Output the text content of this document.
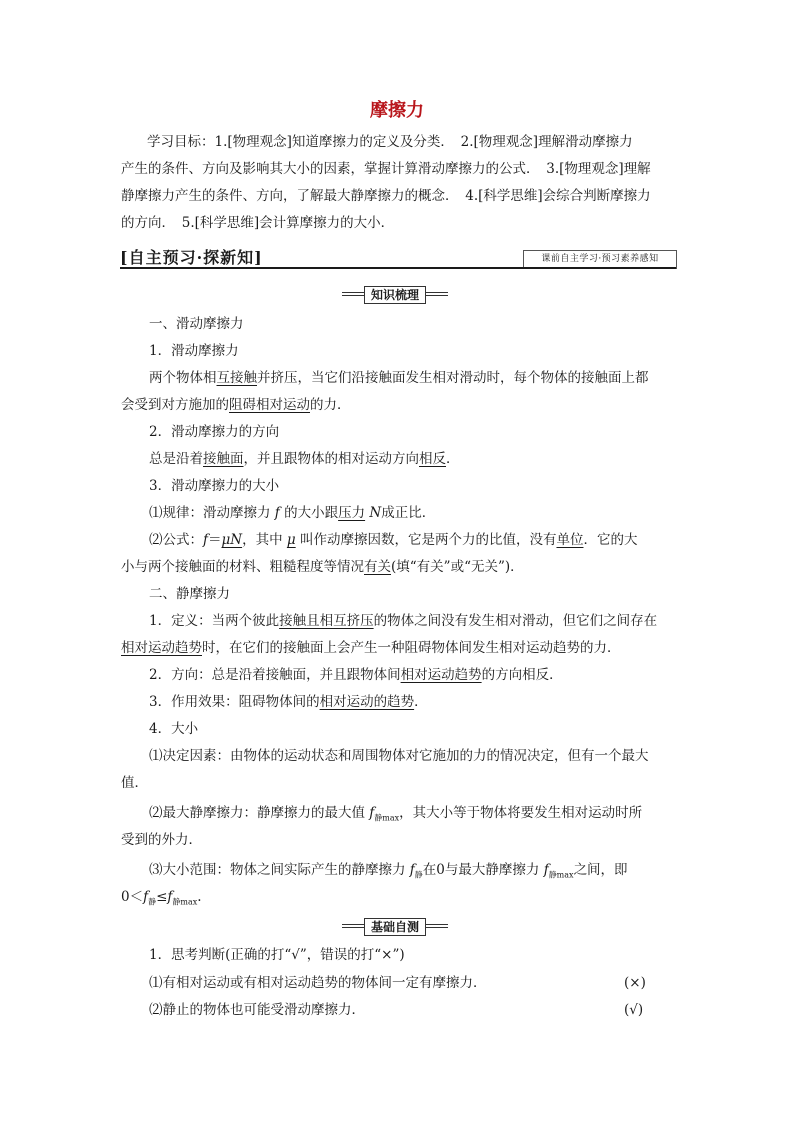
摩擦力
学习目标：1.[物理观念]知道摩擦力的定义及分类．　2.[物理观念]理解滑动摩擦力
产生的条件、方向及影响其大小的因素，掌握计算滑动摩擦力的公式．　3.[物理观念]理解
静摩擦力产生的条件、方向，了解最大静摩擦力的概念．　4.[科学思维]会综合判断摩擦力
的方向．　5.[科学思维]会计算摩擦力的大小．
[自主预习·探新知]	课前自主学习·预习素养感知
知识梳理
一、滑动摩擦力
1．滑动摩擦力
两个物体相互接触并挤压，当它们沿接触面发生相对滑动时，每个物体的接触面上都
会受到对方施加的阻碍相对运动的力．
2．滑动摩擦力的方向
总是沿着接触面，并且跟物体的相对运动方向相反．
3．滑动摩擦力的大小
⑴规律：滑动摩擦力 f 的大小跟压力 N成正比．
⑵公式：f＝μN，其中 μ 叫作动摩擦因数，它是两个力的比值，没有单位．它的大
小与两个接触面的材料、粗糙程度等情况有关(填“有关”或“无关”)．
二、静摩擦力
1．定义：当两个彼此接触且相互挤压的物体之间没有发生相对滑动，但它们之间存在
相对运动趋势时，在它们的接触面上会产生一种阻碍物体间发生相对运动趋势的力．
2．方向：总是沿着接触面，并且跟物体间相对运动趋势的方向相反．
3．作用效果：阻碍物体间的相对运动的趋势．
4．大小
⑴决定因素：由物体的运动状态和周围物体对它施加的力的情况决定，但有一个最大
值．
⑵最大静摩擦力：静摩擦力的最大值 $f_{静max}$，其大小等于物体将要发生相对运动时所
受到的外力．
⑶大小范围：物体之间实际产生的静摩擦力 $f_静$在0与最大静摩擦力 $f_{静max}$之间，即
$0<f_静\le f_{静max}$.
基础自测
1．思考判断(正确的打“√”，错误的打“×”)
⑴有相对运动或有相对运动趋势的物体间一定有摩擦力．	(×)
⑵静止的物体也可能受滑动摩擦力．	(√)
